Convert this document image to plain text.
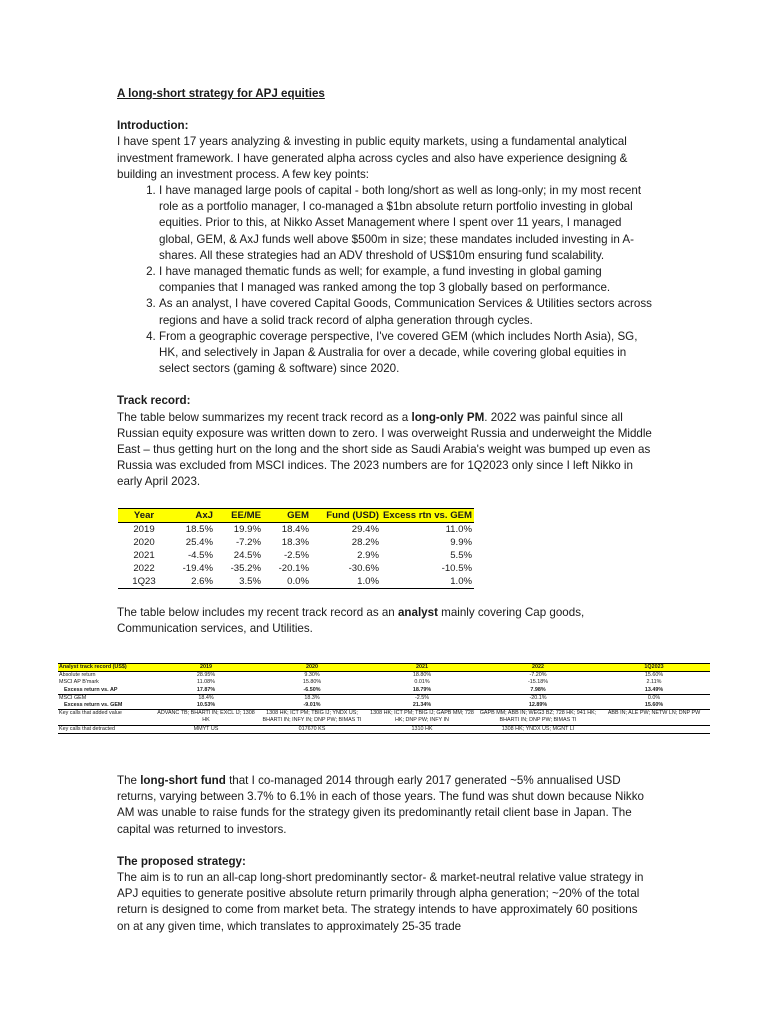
A long-short strategy for APJ equities

Introduction:

I have spent 17 years analyzing & investing in public equity markets, using a fundamental analytical investment framework. I have generated alpha across cycles and also have experience designing & building an investment process. A few key points:

1. I have managed large pools of capital - both long/short as well as long-only; in my most recent role as a portfolio manager, I co-managed a $1bn absolute return portfolio investing in global equities. Prior to this, at Nikko Asset Management where I spent over 11 years, I managed global, GEM, & AxJ funds well above $500m in size; these mandates included investing in A-shares. All these strategies had an ADV threshold of US$10m ensuring fund scalability.
2. I have managed thematic funds as well; for example, a fund investing in global gaming companies that I managed was ranked among the top 3 globally based on performance.
3. As an analyst, I have covered Capital Goods, Communication Services & Utilities sectors across regions and have a solid track record of alpha generation through cycles.
4. From a geographic coverage perspective, I've covered GEM (which includes North Asia), SG, HK, and selectively in Japan & Australia for over a decade, while covering global equities in select sectors (gaming & software) since 2020.

Track record:

The table below summarizes my recent track record as a long-only PM. 2022 was painful since all Russian equity exposure was written down to zero. I was overweight Russia and underweight the Middle East – thus getting hurt on the long and the short side as Saudi Arabia's weight was bumped up even as Russia was excluded from MSCI indices. The 2023 numbers are for 1Q2023 only since I left Nikko in early April 2023.

Year	AxJ	EE/ME	GEM	Fund (USD)	Excess rtn vs. GEM
2019	18.5%	19.9%	18.4%	29.4%	11.0%
2020	25.4%	-7.2%	18.3%	28.2%	9.9%
2021	-4.5%	24.5%	-2.5%	2.9%	5.5%
2022	-19.4%	-35.2%	-20.1%	-30.6%	-10.5%
1Q23	2.6%	3.5%	0.0%	1.0%	1.0%

The table below includes my recent track record as an analyst mainly covering Cap goods, Communication services, and Utilities.

Analyst track record (US$)	2019	2020	2021	2022	1Q2023
Absolute return	28.95%	9.30%	18.80%	-7.20%	15.60%
MSCI AP B'mark	11.08%	15.80%	0.01%	-15.18%	2.11%
Excess return vs. AP	17.87%	-6.50%	18.79%	7.98%	13.49%
MSCI GEM	18.4%	18.3%	-2.5%	-20.1%	0.0%
Excess return vs. GEM	10.53%	-9.01%	21.34%	12.89%	15.60%
Key calls that added value	ADVANC TB; BHARTI IN; EXCL IJ; 1308 HK	1308 HK; ICT PM; TBIG IJ; YNDX US; BHARTI IN; INFY IN; DNP PW; BIMAS TI	1308 HK; ICT PM; TBIG IJ; GAPB MM; 728 HK; DNP PW; INFY IN	GAPB MM; ABB IN; WEG3 BZ; 728 HK; 941 HK; BHARTI IN; DNP PW; BIMAS TI	ABB IN; ALE PW; NETW LN; DNP PW
Key calls that detracted	MMYT US	017670 KS	1310 HK	1308 HK; YNDX US; MGNT LI	

The long-short fund that I co-managed 2014 through early 2017 generated ~5% annualised USD returns, varying between 3.7% to 6.1% in each of those years. The fund was shut down because Nikko AM was unable to raise funds for the strategy given its predominantly retail client base in Japan. The capital was returned to investors.

The proposed strategy:

The aim is to run an all-cap long-short predominantly sector- & market-neutral relative value strategy in APJ equities to generate positive absolute return primarily through alpha generation; ~20% of the total return is designed to come from market beta. The strategy intends to have approximately 60 positions on at any given time, which translates to approximately 25-35 trade
